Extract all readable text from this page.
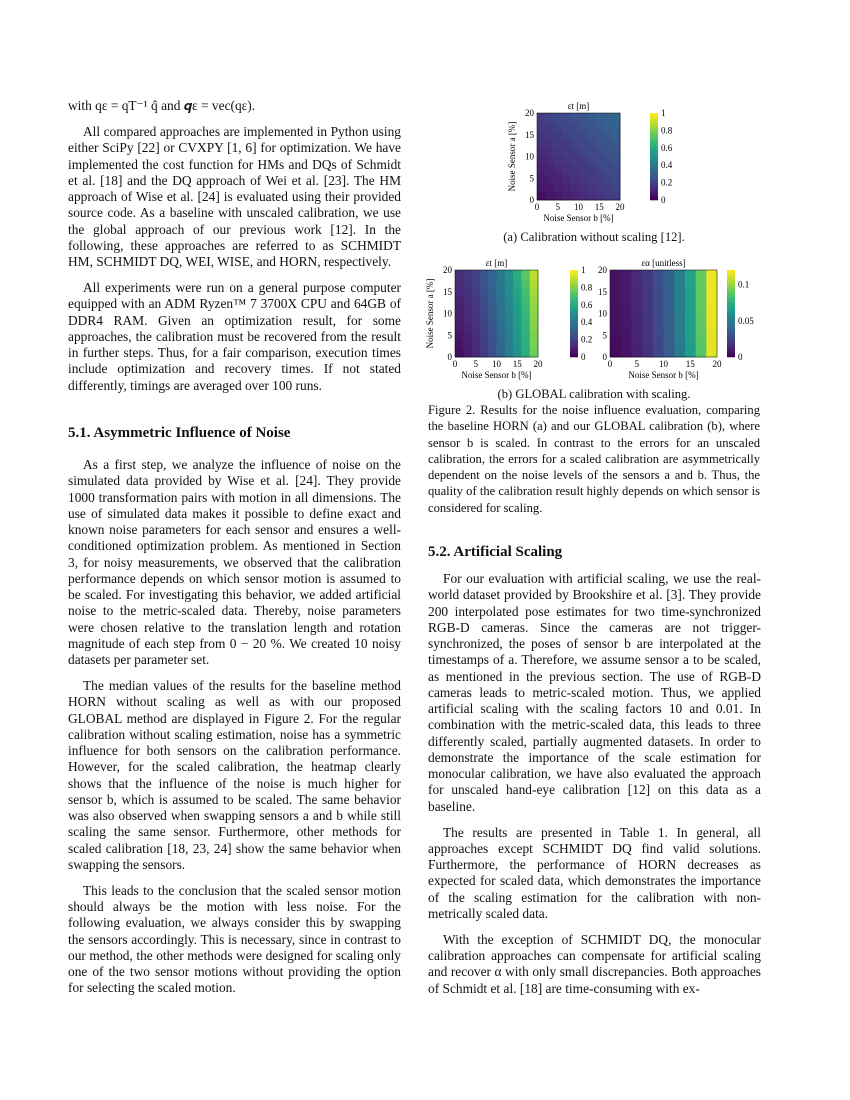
with qε = qT⁻¹ q̂ and 𝒒ε = vec(qε).

All compared approaches are implemented in Python using either SciPy [22] or CVXPY [1, 6] for optimization. We have implemented the cost function for HMs and DQs of Schmidt et al. [18] and the DQ approach of Wei et al. [23]. The HM approach of Wise et al. [24] is evaluated using their provided source code. As a baseline with unscaled calibration, we use the global approach of our previous work [12]. In the following, these approaches are referred to as SCHMIDT HM, SCHMIDT DQ, WEI, WISE, and HORN, respectively.

All experiments were run on a general purpose computer equipped with an ADM Ryzen™ 7 3700X CPU and 64GB of DDR4 RAM. Given an optimization result, for some approaches, the calibration must be recovered from the result in further steps. Thus, for a fair comparison, execution times include optimization and recovery times. If not stated differently, timings are averaged over 100 runs.

5.1. Asymmetric Influence of Noise

As a first step, we analyze the influence of noise on the simulated data provided by Wise et al. [24]. They provide 1000 transformation pairs with motion in all dimensions. The use of simulated data makes it possible to define exact and known noise parameters for each sensor and ensures a well-conditioned optimization problem. As mentioned in Section 3, for noisy measurements, we observed that the calibration performance depends on which sensor motion is assumed to be scaled. For investigating this behavior, we added artificial noise to the metric-scaled data. Thereby, noise parameters were chosen relative to the translation length and rotation magnitude of each step from 0 − 20 %. We created 10 noisy datasets per parameter set.

The median values of the results for the baseline method HORN without scaling as well as with our proposed GLOBAL method are displayed in Figure 2. For the regular calibration without scaling estimation, noise has a symmetric influence for both sensors on the calibration performance. However, for the scaled calibration, the heatmap clearly shows that the influence of the noise is much higher for sensor b, which is assumed to be scaled. The same behavior was also observed when swapping sensors a and b while still scaling the same sensor. Furthermore, other methods for scaled calibration [18, 23, 24] show the same behavior when swapping the sensors.

This leads to the conclusion that the scaled sensor motion should always be the motion with less noise. For the following evaluation, we always consider this by swapping the sensors accordingly. This is necessary, since in contrast to our method, the other methods were designed for scaling only one of the two sensor motions without providing the option for selecting the scaled motion.

εt [m]
0 5 10 15 20
0
5
10
15
20
Noise Sensor b [%]
Noise Sensor a [%]
0
0.2
0.4
0.6
0.8
1
εt [m]
0 5 10 15 20
0
5
10
15
20
Noise Sensor b [%]
Noise Sensor a [%]
0
0.2
0.4
0.6
0.8
1
εα [unitless]
0 5 10 15 20
0
5
10
15
20
Noise Sensor b [%]
0
0.05
0.1
(a) Calibration without scaling [12].
(b) GLOBAL calibration with scaling.
Figure 2. Results for the noise influence evaluation, comparing the baseline HORN (a) and our GLOBAL calibration (b), where sensor b is scaled. In contrast to the errors for an unscaled calibration, the errors for a scaled calibration are asymmetrically dependent on the noise levels of the sensors a and b. Thus, the quality of the calibration result highly depends on which sensor is considered for scaling.
5.2. Artificial Scaling

For our evaluation with artificial scaling, we use the real-world dataset provided by Brookshire et al. [3]. They provide 200 interpolated pose estimates for two time-synchronized RGB-D cameras. Since the cameras are not trigger-synchronized, the poses of sensor b are interpolated at the timestamps of a. Therefore, we assume sensor a to be scaled, as mentioned in the previous section. The use of RGB-D cameras leads to metric-scaled motion. Thus, we applied artificial scaling with the scaling factors 10 and 0.01. In combination with the metric-scaled data, this leads to three differently scaled, partially augmented datasets. In order to demonstrate the importance of the scale estimation for monocular calibration, we have also evaluated the approach for unscaled hand-eye calibration [12] on this data as a baseline.

The results are presented in Table 1. In general, all approaches except SCHMIDT DQ find valid solutions. Furthermore, the performance of HORN decreases as expected for scaled data, which demonstrates the importance of the scaling estimation for the calibration with non-metrically scaled data.

With the exception of SCHMIDT DQ, the monocular calibration approaches can compensate for artificial scaling and recover α with only small discrepancies. Both approaches of Schmidt et al. [18] are time-consuming with ex-
